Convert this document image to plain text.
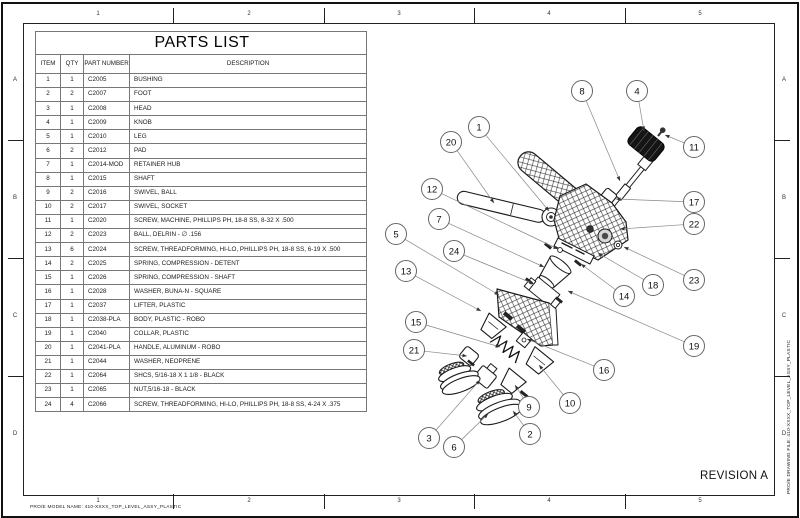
1	2	3	4	5
1	2	3	4	5
A
B
C
D
A
B
C
D
PARTS LIST			
ITEM	QTY	PART NUMBER	DESCRIPTION
1	1	C2005	BUSHING
2	2	C2007	FOOT
3	1	C2008	HEAD
4	1	C2009	KNOB
5	1	C2010	LEG
6	2	C2012	PAD
7	1	C2014-MOD	RETAINER HUB
8	1	C2015	SHAFT
9	2	C2016	SWIVEL, BALL
10	2	C2017	SWIVEL, SOCKET
11	1	C2020	SCREW, MACHINE, PHILLIPS PH, 18-8 SS, 8-32 X .500
12	2	C2023	BALL, DELRIN - ∅ .156
13	6	C2024	SCREW, THREADFORMING, HI-LO, PHILLIPS PH, 18-8 SS, 6-19 X .500
14	2	C2025	SPRING, COMPRESSION - DETENT
15	1	C2026	SPRING, COMPRESSION - SHAFT
16	1	C2028	WASHER, BUNA-N - SQUARE
17	1	C2037	LIFTER, PLASTIC
18	1	C2038-PLA	BODY, PLASTIC - ROBO
19	1	C2040	COLLAR, PLASTIC
20	1	C2041-PLA	HANDLE, ALUMINUM - ROBO
21	1	C2044	WASHER, NEOPRENE
22	1	C2064	SHCS, 5/16-18 X 1 1/8 - BLACK
23	1	C2065	NUT,5/16-18 - BLACK
24	4	C2066	SCREW, THREADFORMING, HI-LO, PHILLIPS PH, 18-8 SS, 4-24 X .375
1
20
8	4
11
12
7
17
22
5
24
13
23
18
14
15
19
21
16
10
9
2
3
6
REVISION A
PRO/E MODEL NAME: 410-XXXX_TOP_LEVEL_ASSY_PLASTIC
PRO/E DRAWING FILE: 410-XXXX_TOP_LEVEL_ASSY_PLASTIC
